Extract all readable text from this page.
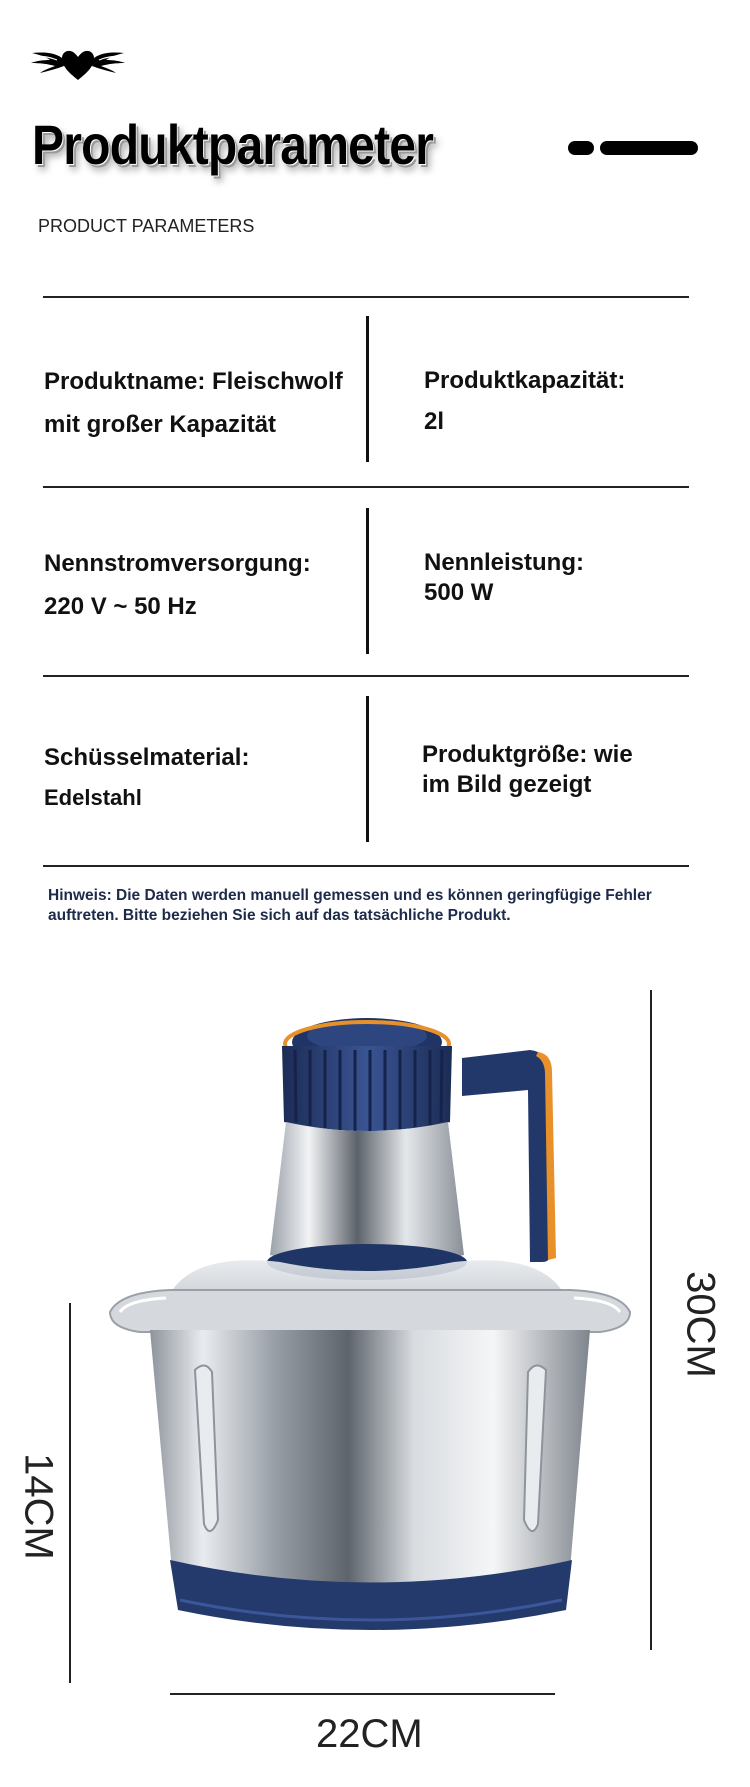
Produktparameter
PRODUCT PARAMETERS
Produktname: Fleischwolf
mit großer Kapazität
Produktkapazität:
2l
Nennstromversorgung:
220 V ~ 50 Hz
Nennleistung:
500 W
Schüsselmaterial:
Edelstahl
Produktgröße: wie
im Bild gezeigt
Hinweis: Die Daten werden manuell gemessen und es können geringfügige Fehler auftreten. Bitte beziehen Sie sich auf das tatsächliche Produkt.
30CM
14CM
22CM
